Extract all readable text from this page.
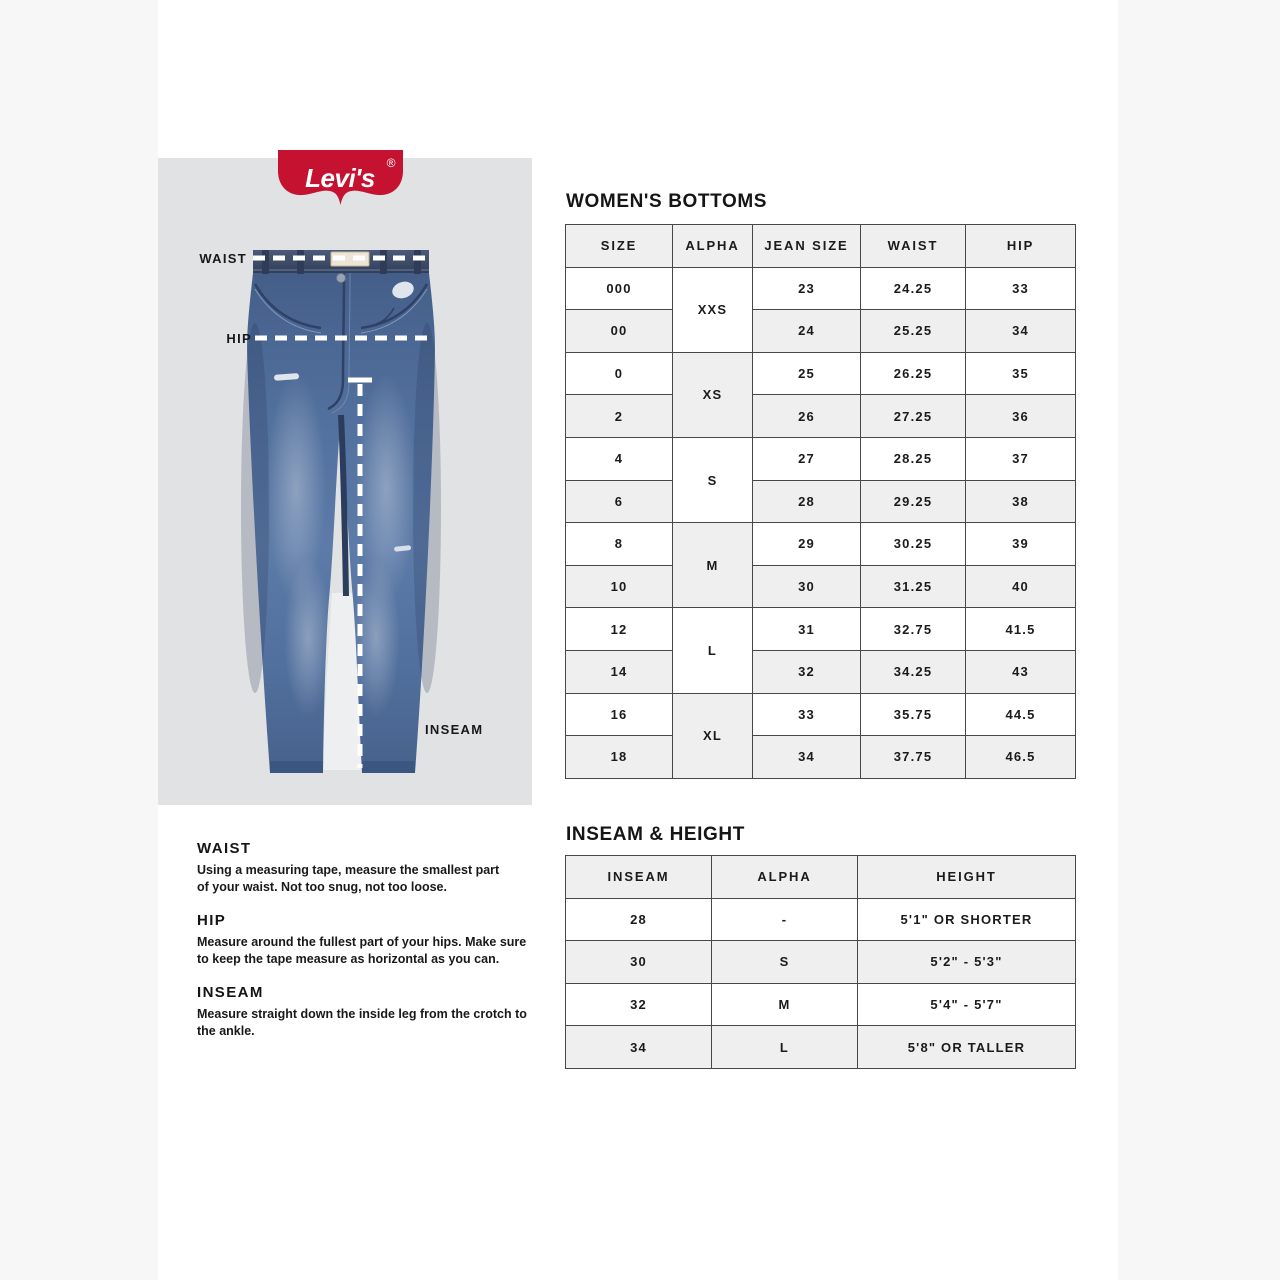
Levi's ®
WAIST
HIP
INSEAM
WOMEN'S BOTTOMS
SIZE	ALPHA	JEAN SIZE	WAIST	HIP
000	XXS	23	24.25	33
00		24	25.25	34
0	XS	25	26.25	35
2		26	27.25	36
4	S	27	28.25	37
6		28	29.25	38
8	M	29	30.25	39
10		30	31.25	40
12	L	31	32.75	41.5
14		32	34.25	43
16	XL	33	35.75	44.5
18		34	37.75	46.5
INSEAM & HEIGHT
INSEAM	ALPHA	HEIGHT
28	-	5'1" OR SHORTER
30	S	5'2" - 5'3"
32	M	5'4" - 5'7"
34	L	5'8" OR TALLER
WAIST
Using a measuring tape, measure the smallest part
of your waist. Not too snug, not too loose.
HIP
Measure around the fullest part of your hips. Make sure
to keep the tape measure as horizontal as you can.
INSEAM
Measure straight down the inside leg from the crotch to
the ankle.
